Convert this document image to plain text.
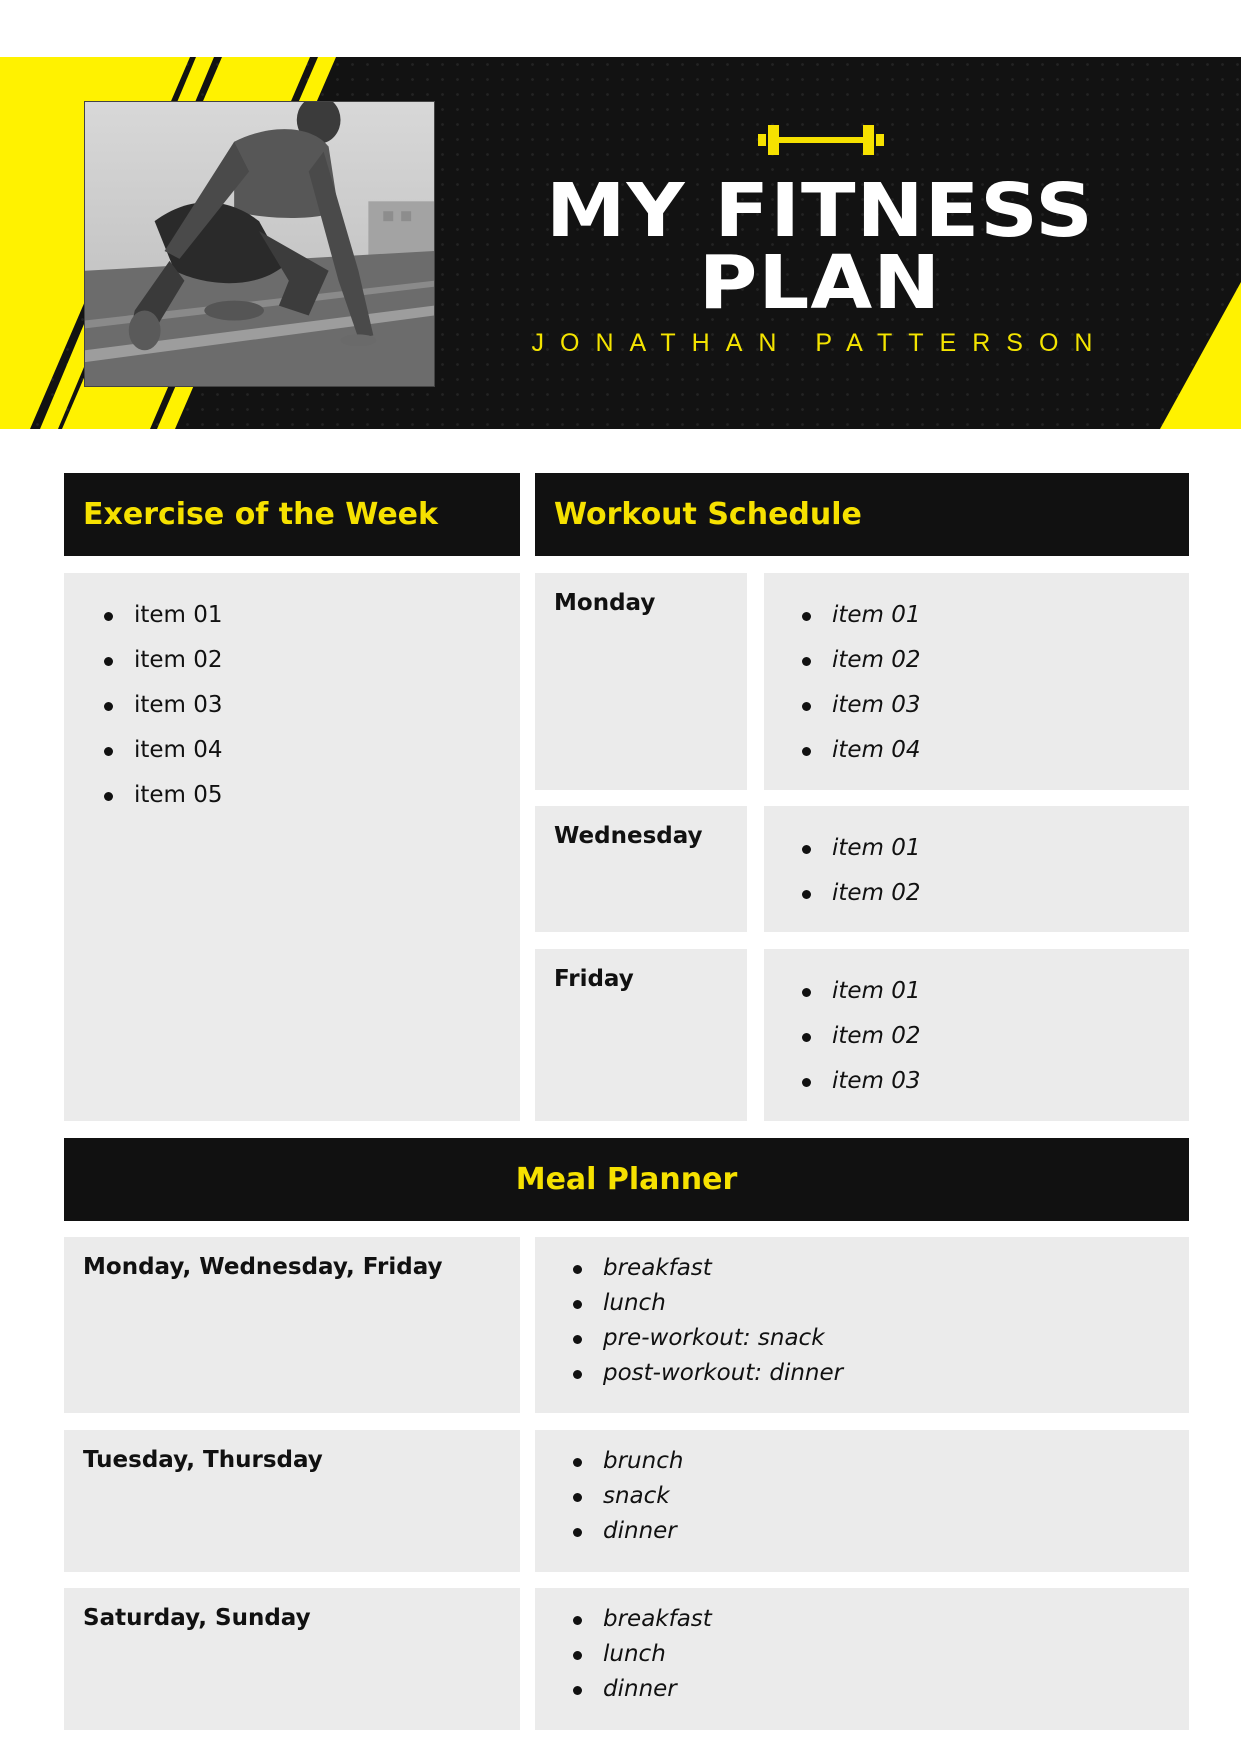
MY FITNESS
PLAN
JONATHAN PATTERSON
Exercise of the Week
item 01
item 02
item 03
item 04
item 05
Workout Schedule
Monday	item 01
item 02
item 03
item 04
Wednesday	item 01
item 02
Friday	item 01
item 02
item 03
Meal Planner
Monday, Wednesday, Friday	breakfast
lunch
pre-workout: snack
post-workout: dinner
Tuesday, Thursday	brunch
snack
dinner
Saturday, Sunday	breakfast
lunch
dinner
